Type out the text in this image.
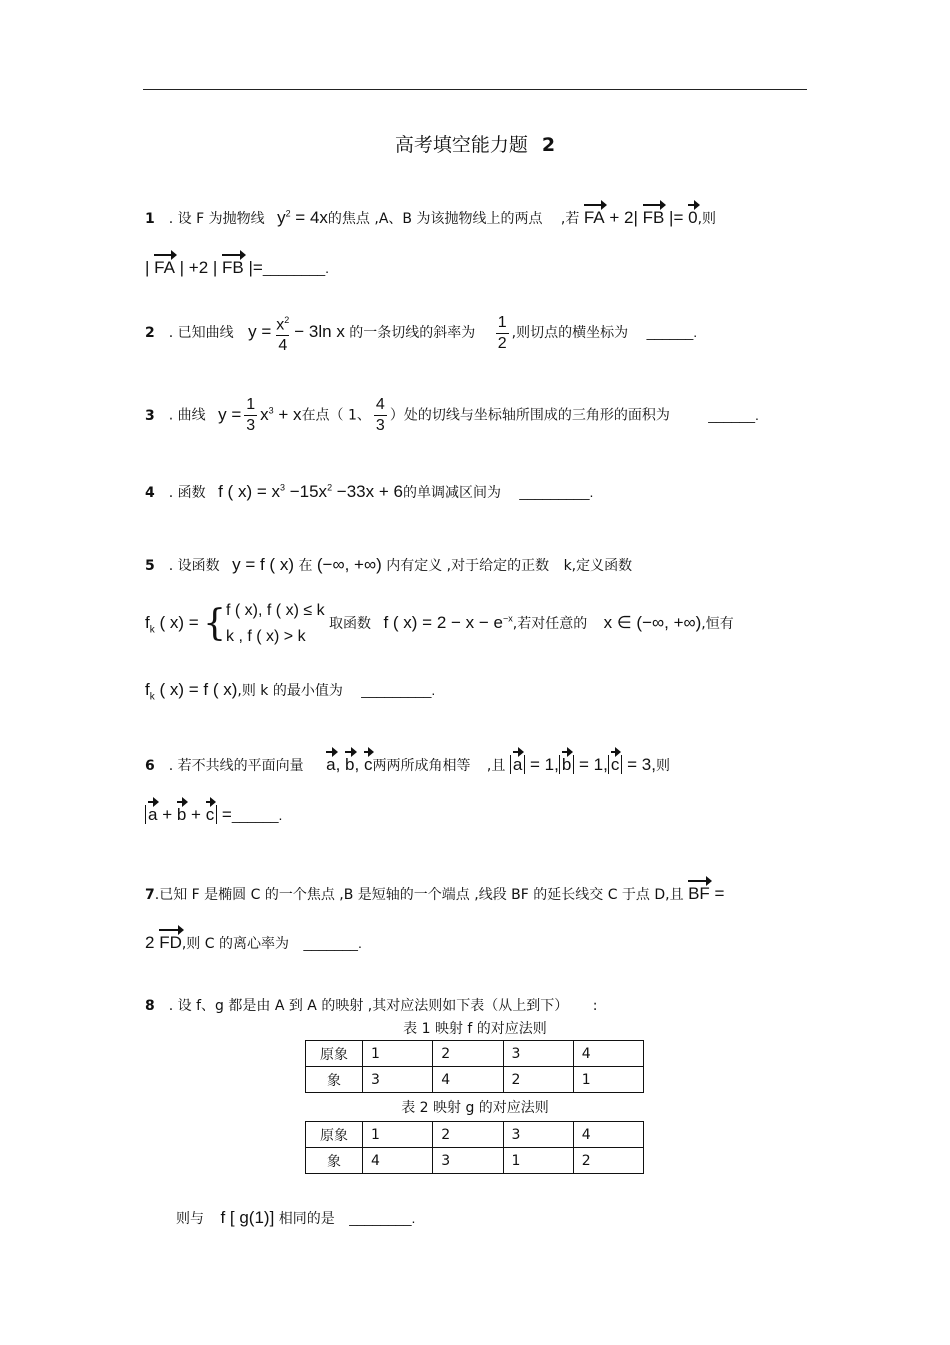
高考填空能力题 2
1 . 设 F 为抛物线 $y^2 = 4x$的焦点 ,A、B 为该抛物线上的两点 ,若 FA + 2| FB |= 0,则
| FA | +2 | FB |=________.
2 . 已知曲线 $y = \frac{x^2}{4} - 3\ln$ x 的一条切线的斜率为 $\frac{1}{2}$ ,则切点的横坐标为 ______.
3 . 曲线 $y = \frac{1}{3} x^3 + x$在点（ 1、 $\frac{4}{3}$ ）处的切线与坐标轴所围成的三角形的面积为	______.
4 . 函数 f ( $x) = x^3 -15x^2 -33x + 6$的单调减区间为 _________.
5 . 设函数 y = f ( x) 在 (−∞, +∞) 内有定义 ,对于给定的正数 k,定义函数
$f_k$ ( x) = { f ( x), f ( x) ≤ k
k , f ( x) > k
取函数 f ( $x) = 2 - x - e^{-x}$,若对任意的 x ∈ (−∞, +∞),恒有
$f_k$ ( x) = f ( x),则 k 的最小值为 _________.
6 . 若不共线的平面向量 a, b, c两两所成角相等 ,且 a = 1, b = 1, c = 3,则
a + b + c =______.
7.已知 F 是椭圆 C 的一个焦点 ,B 是短轴的一个端点 ,线段 BF 的延长线交 C 于点 D,且 BF =
2 FD,则 C 的离心率为 _______.
8 . 设 f、g 都是由 A 到 A 的映射 ,其对应法则如下表（从上到下） :
表 1 映射 f 的对应法则
原象	1	2	3	4
象	3	4	2	1
表 2 映射 g 的对应法则
原象	1	2	3	4
象	4	3	1	2
则与 f [ g(1)] 相同的是 ________.
